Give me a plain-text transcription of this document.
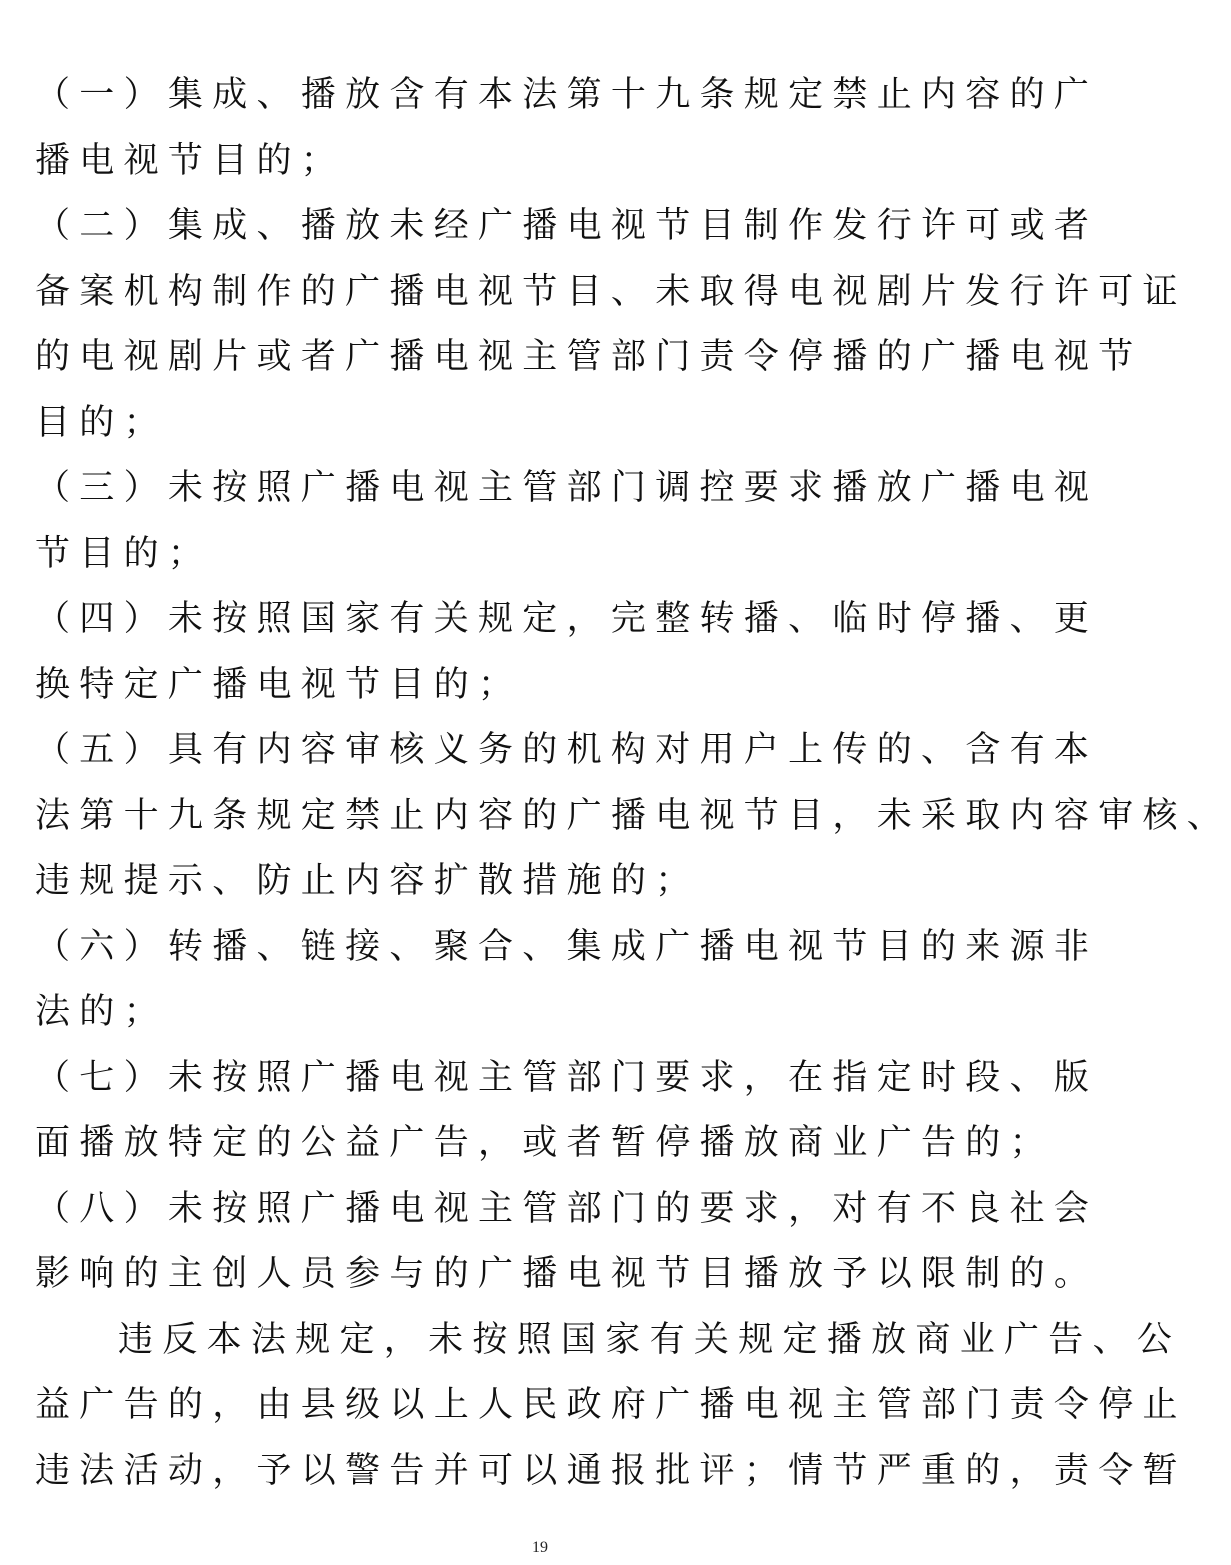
（一）集成、播放含有本法第十九条规定禁止内容的广
播电视节目的；
（二）集成、播放未经广播电视节目制作发行许可或者
备案机构制作的广播电视节目、未取得电视剧片发行许可证
的电视剧片或者广播电视主管部门责令停播的广播电视节
目的；
（三）未按照广播电视主管部门调控要求播放广播电视
节目的；
（四）未按照国家有关规定，完整转播、临时停播、更
换特定广播电视节目的；
（五）具有内容审核义务的机构对用户上传的、含有本
法第十九条规定禁止内容的广播电视节目，未采取内容审核、
违规提示、防止内容扩散措施的；
（六）转播、链接、聚合、集成广播电视节目的来源非
法的；
（七）未按照广播电视主管部门要求，在指定时段、版
面播放特定的公益广告，或者暂停播放商业广告的；
（八）未按照广播电视主管部门的要求，对有不良社会
影响的主创人员参与的广播电视节目播放予以限制的。
违反本法规定，未按照国家有关规定播放商业广告、公
益广告的，由县级以上人民政府广播电视主管部门责令停止
违法活动，予以警告并可以通报批评；情节严重的，责令暂
19
